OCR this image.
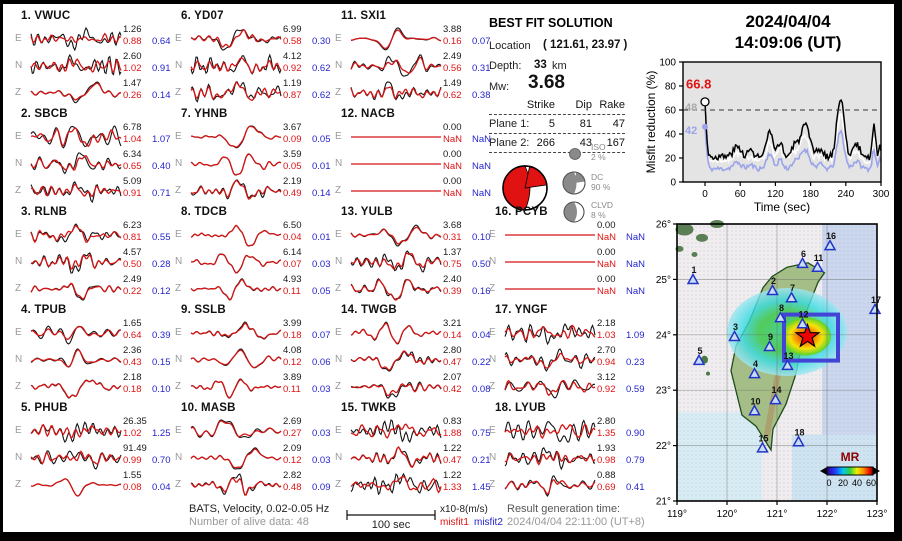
2024/04/04
14:09:06 (UT)
BEST FIT SOLUTION
Location ( 121.61, 23.97 )
Depth: 33 km
Mw: 3.68
Strike	Dip Rake
Plane 1:	5	81	47
Plane 2: 266	43	167
ISO
2 %
DC
90 %
CLVD
8 %
66.8
48
42
0
20
40
60
80
100
0	60 120 180 240 300
Time (sec)
Misfit reduction (%)
1
2
3
4
5
6
7
8
9
10
11
12
13
14
15
16
17
18
26°
25°
24°
23°
22°
21°
119°	120°	121°	122°	123°
MR
0 20 40 60
1. VWUC
E
1.26
0.88 0.64
N
2.60
1.02 0.91
Z
1.47
0.26 0.14
2. SBCB
E
6.78
1.04 1.07
N
6.34
0.65 0.40
Z
5.09
0.91 0.71
3. RLNB
E
6.23
0.81 0.55
N
4.57
0.50 0.28
Z
2.49
0.22 0.12
4. TPUB
E
1.65
0.64 0.39
N
2.36
0.43 0.15
Z
2.18
0.18 0.10
5. PHUB
E
26.35
1.02 1.25
N
91.49
0.99 0.70
Z
1.55
0.08 0.04
6. YD07
E
6.99
0.58 0.30
N
4.12
0.92 0.62
Z
1.19
0.87 0.62
7. YHNB
E
3.67
0.09 0.05
N
3.59
0.05 0.01
Z
2.19
0.49 0.14
8. TDCB
E
6.50
0.04 0.01
N
6.14
0.07 0.03
Z
4.93
0.11 0.05
9. SSLB
E
3.99
0.18 0.07
N
4.08
0.12 0.06
Z
3.89
0.11 0.03
10. MASB
E
2.69
0.27 0.03
N
2.09
0.12 0.03
Z
2.82
0.48 0.09
11. SXI1
E
3.88
0.16 0.07
N
2.49
0.56 0.31
Z
1.49
0.62 0.38
12. NACB
E
0.00
NaN NaN
N
0.00
NaN NaN
Z
0.00
NaN NaN
13. YULB
E
3.68
0.31 0.10
N
1.37
0.75 0.50
Z
2.40
0.39 0.16
14. TWGB
E
3.21
0.14 0.04
N
2.80
0.47 0.22
Z
2.07
0.42 0.08
15. TWKB
E
0.83
1.88 0.75
N
1.22
0.47 0.21
Z
1.22
1.33 1.45
16. PCYB
E
0.00
NaN NaN
N
0.00
NaN NaN
Z
0.00
NaN NaN
17. YNGF
E
2.18
1.03 1.09
N
2.70
0.94 0.23
Z
3.12
0.92 0.59
18. LYUB
E
2.80
1.35 0.90
N
1.93
0.98 0.79
Z
0.88
0.69 0.41
BATS, Velocity, 0.02-0.05 Hz
Number of alive data: 48	100 sec
x10-8(m/s)
misfit1 misfit2
Result generation time:
2024/04/04 22:11:00 (UT+8)
